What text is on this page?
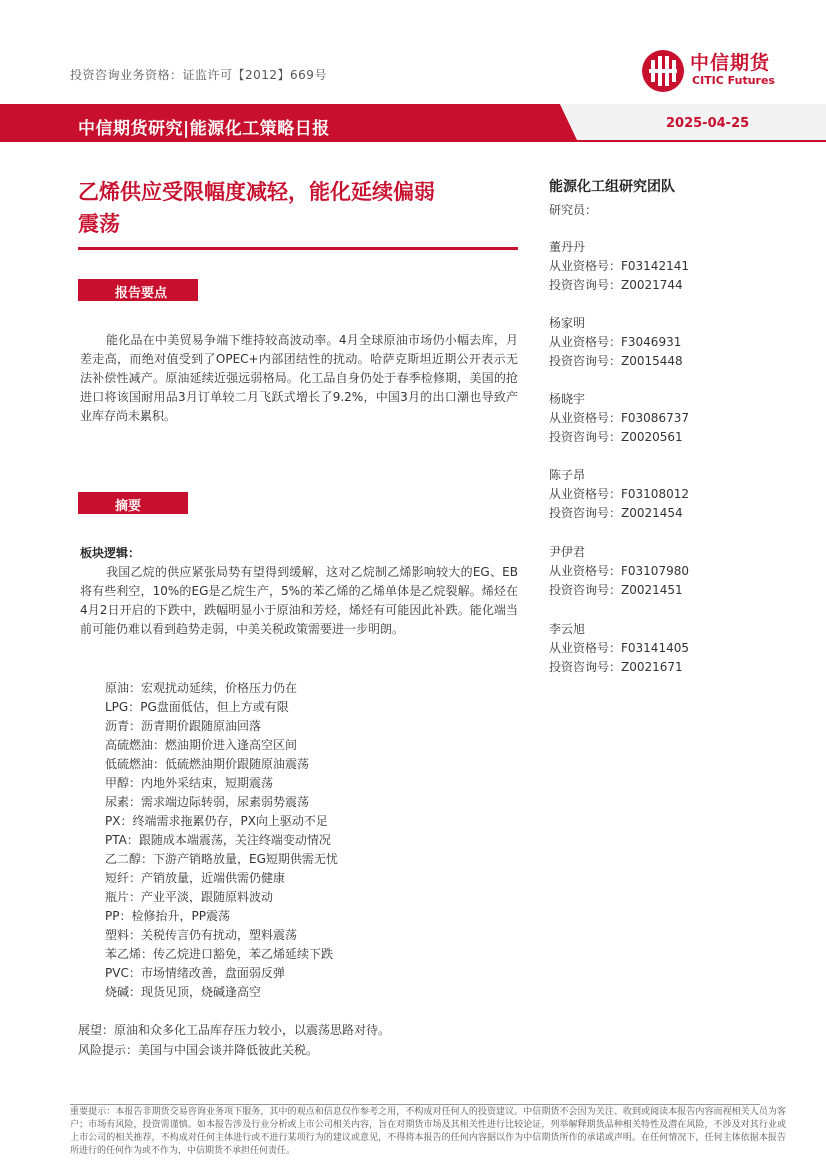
投资咨询业务资格：证监许可【2012】669号
中信期货
CITIC Futures
中信期货研究|能源化工策略日报	2025-04-25
乙烯供应受限幅度减轻，能化延续偏弱
震荡
报告要点
能化品在中美贸易争端下维持较高波动率。4月全球原油市场仍小幅去库，月差走高，而绝对值受到了OPEC+内部团结性的扰动。哈萨克斯坦近期公开表示无法补偿性减产。原油延续近强远弱格局。化工品自身仍处于春季检修期，美国的抢进口将该国耐用品3月订单较二月飞跃式增长了9.2%，中国3月的出口潮也导致产业库存尚未累积。
摘要
板块逻辑：
我国乙烷的供应紧张局势有望得到缓解，这对乙烷制乙烯影响较大的EG、EB将有些利空，10%的EG是乙烷生产，5%的苯乙烯的乙烯单体是乙烷裂解。烯烃在4月2日开启的下跌中，跌幅明显小于原油和芳烃，烯烃有可能因此补跌。能化端当前可能仍难以看到趋势走弱，中美关税政策需要进一步明朗。
原油：宏观扰动延续，价格压力仍在
LPG：PG盘面低估，但上方或有限
沥青：沥青期价跟随原油回落
高硫燃油：燃油期价进入逢高空区间
低硫燃油：低硫燃油期价跟随原油震荡
甲醇：内地外采结束，短期震荡
尿素：需求端边际转弱，尿素弱势震荡
PX：终端需求拖累仍存，PX向上驱动不足
PTA：跟随成本端震荡，关注终端变动情况
乙二醇：下游产销略放量，EG短期供需无忧
短纤：产销放量，近端供需仍健康
瓶片：产业平淡，跟随原料波动
PP：检修抬升，PP震荡
塑料：关税传言仍有扰动，塑料震荡
苯乙烯：传乙烷进口豁免，苯乙烯延续下跌
PVC：市场情绪改善，盘面弱反弹
烧碱：现货见顶，烧碱逢高空
展望：原油和众多化工品库存压力较小，以震荡思路对待。
风险提示：美国与中国会谈并降低彼此关税。
能源化工组研究团队
研究员：
董丹丹
从业资格号：F03142141
投资咨询号：Z0021744
杨家明
从业资格号：F3046931
投资咨询号：Z0015448
杨晓宇
从业资格号：F03086737
投资咨询号：Z0020561
陈子昂
从业资格号：F03108012
投资咨询号：Z0021454
尹伊君
从业资格号：F03107980
投资咨询号：Z0021451
李云旭
从业资格号：F03141405
投资咨询号：Z0021671
重要提示：本报告非期货交易咨询业务项下服务，其中的观点和信息仅作参考之用，不构成对任何人的投资建议。中信期货不会因为关注、收到或阅读本报告内容而视相关人员为客户；市场有风险，投资需谨慎。如本报告涉及行业分析或上市公司相关内容，旨在对期货市场及其相关性进行比较论证，列举解释期货品种相关特性及潜在风险，不涉及对其行业或上市公司的相关推荐，不构成对任何主体进行或不进行某项行为的建议或意见，不得将本报告的任何内容据以作为中信期货所作的承诺或声明。在任何情况下，任何主体依据本报告所进行的任何作为或不作为，中信期货不承担任何责任。
